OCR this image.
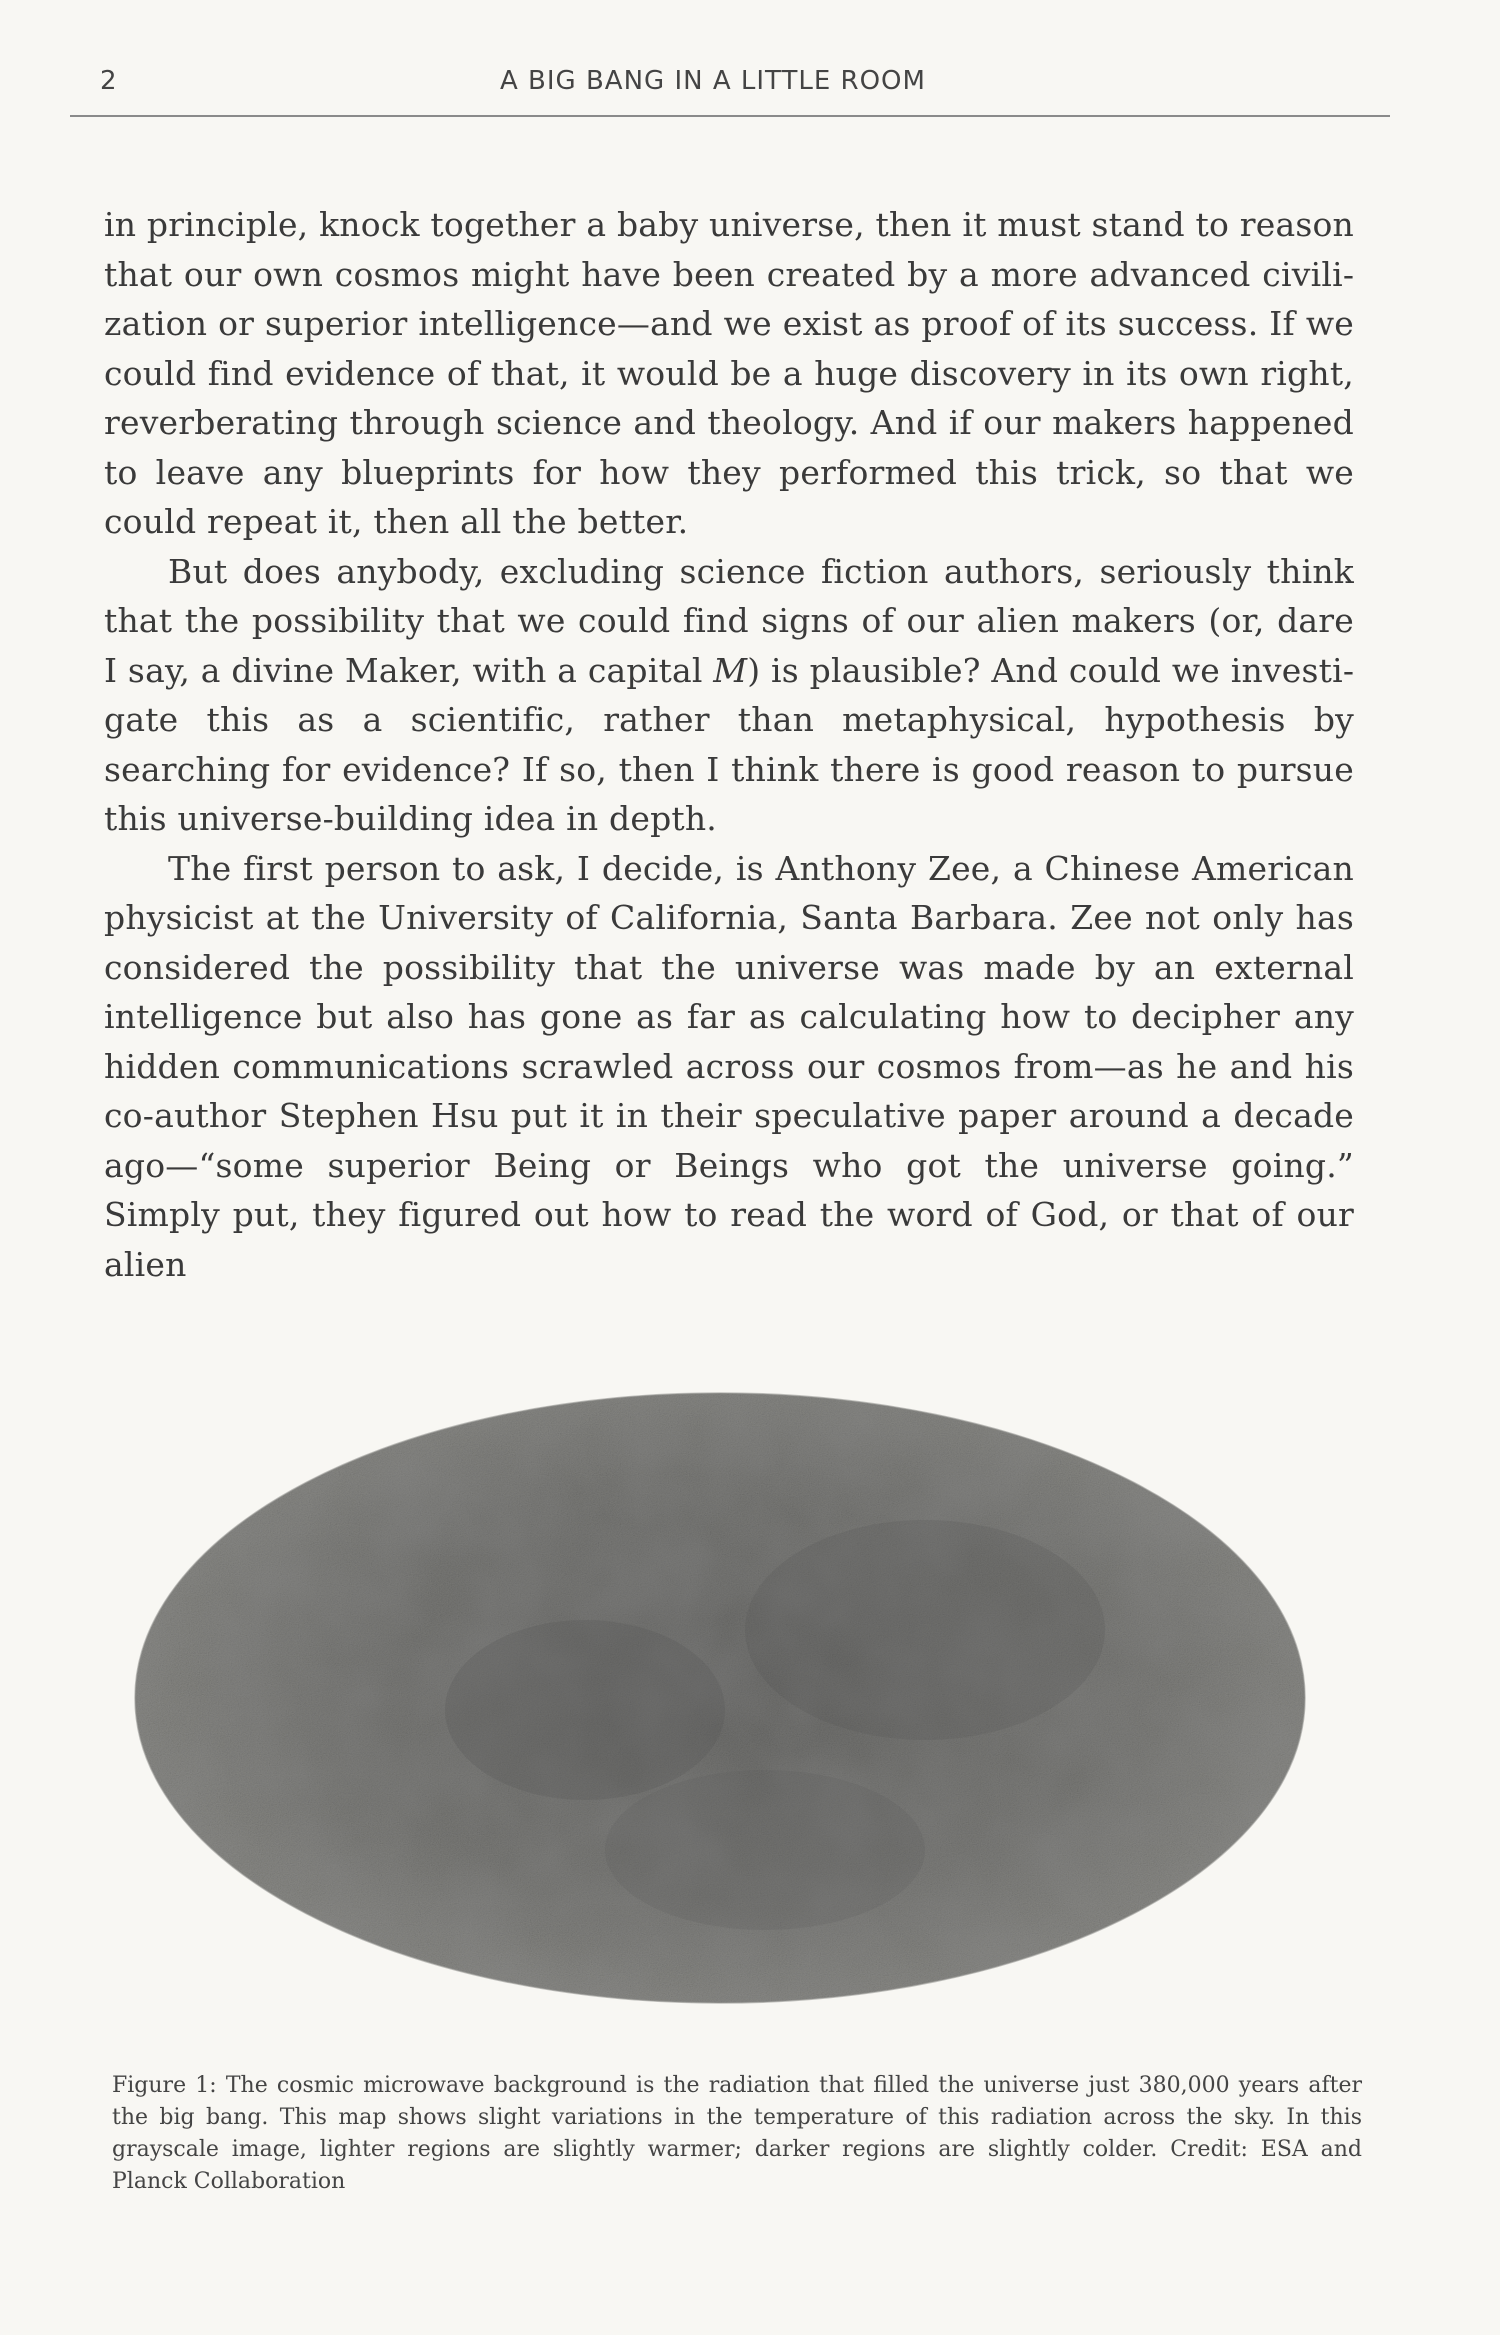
2	A BIG BANG IN A LITTLE ROOM

in principle, knock together a baby universe, then it must stand to reason that our own cosmos might have been created by a more advanced civilization or superior intelligence—and we exist as proof of its success. If we could find evidence of that, it would be a huge discovery in its own right, reverberating through science and theology. And if our makers happened to leave any blueprints for how they performed this trick, so that we could repeat it, then all the better.

But does anybody, excluding science fiction authors, seriously think that the possibility that we could find signs of our alien makers (or, dare I say, a divine Maker, with a capital M) is plausible? And could we investigate this as a scientific, rather than metaphysical, hypothesis by searching for evidence? If so, then I think there is good reason to pursue this universe-building idea in depth.

The first person to ask, I decide, is Anthony Zee, a Chinese American physicist at the University of California, Santa Barbara. Zee not only has considered the possibility that the universe was made by an external intelligence but also has gone as far as calculating how to decipher any hidden communications scrawled across our cosmos from—as he and his co-author Stephen Hsu put it in their speculative paper around a decade ago—“some superior Being or Beings who got the universe going.” Simply put, they figured out how to read the word of God, or that of our alien

Figure 1: The cosmic microwave background is the radiation that filled the universe just 380,000 years after the big bang. This map shows slight variations in the temperature of this radiation across the sky. In this grayscale image, lighter regions are slightly warmer; darker regions are slightly colder. Credit: ESA and Planck Collaboration
